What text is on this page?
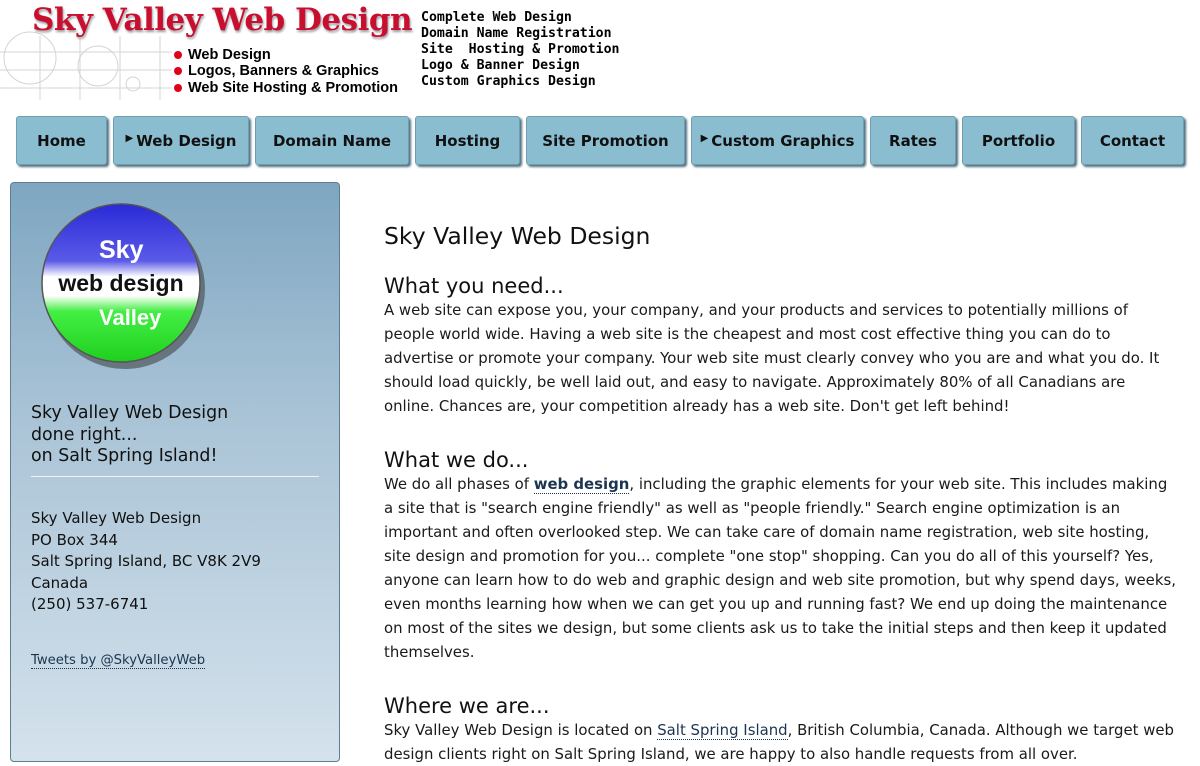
Sky Valley Web Design
Web Design
Logos, Banners & Graphics
Web Site Hosting & Promotion
Complete Web Design
Domain Name Registration
Site  Hosting & Promotion
Logo & Banner Design
Custom Graphics Design
Home	▶ Web Design Domain Name	Hosting	Site Promotion	▶ Custom Graphics Rates	Portfolio	Contact
Sky
web design
Valley
Sky Valley Web Design
done right...
on Salt Spring Island!
Sky Valley Web Design
PO Box 344
Salt Spring Island, BC V8K 2V9
Canada
(250) 537-6741
Tweets by @SkyValleyWeb
Sky Valley Web Design
What you need...

A web site can expose you, your company, and your products and services to potentially millions of people world wide. Having a web site is the cheapest and most cost effective thing you can do to advertise or promote your company. Your web site must clearly convey who you are and what you do. It should load quickly, be well laid out, and easy to navigate. Approximately 80% of all Canadians are online. Chances are, your competition already has a web site. Don't get left behind!

What we do...

We do all phases of web design, including the graphic elements for your web site. This includes making a site that is "search engine friendly" as well as "people friendly." Search engine optimization is an important and often overlooked step. We can take care of domain name registration, web site hosting, site design and promotion for you... complete "one stop" shopping. Can you do all of this yourself? Yes, anyone can learn how to do web and graphic design and web site promotion, but why spend days, weeks, even months learning how when we can get you up and running fast? We end up doing the maintenance on most of the sites we design, but some clients ask us to take the initial steps and then keep it updated themselves.

Where we are...

Sky Valley Web Design is located on Salt Spring Island, British Columbia, Canada. Although we target web design clients right on Salt Spring Island, we are happy to also handle requests from all over.
